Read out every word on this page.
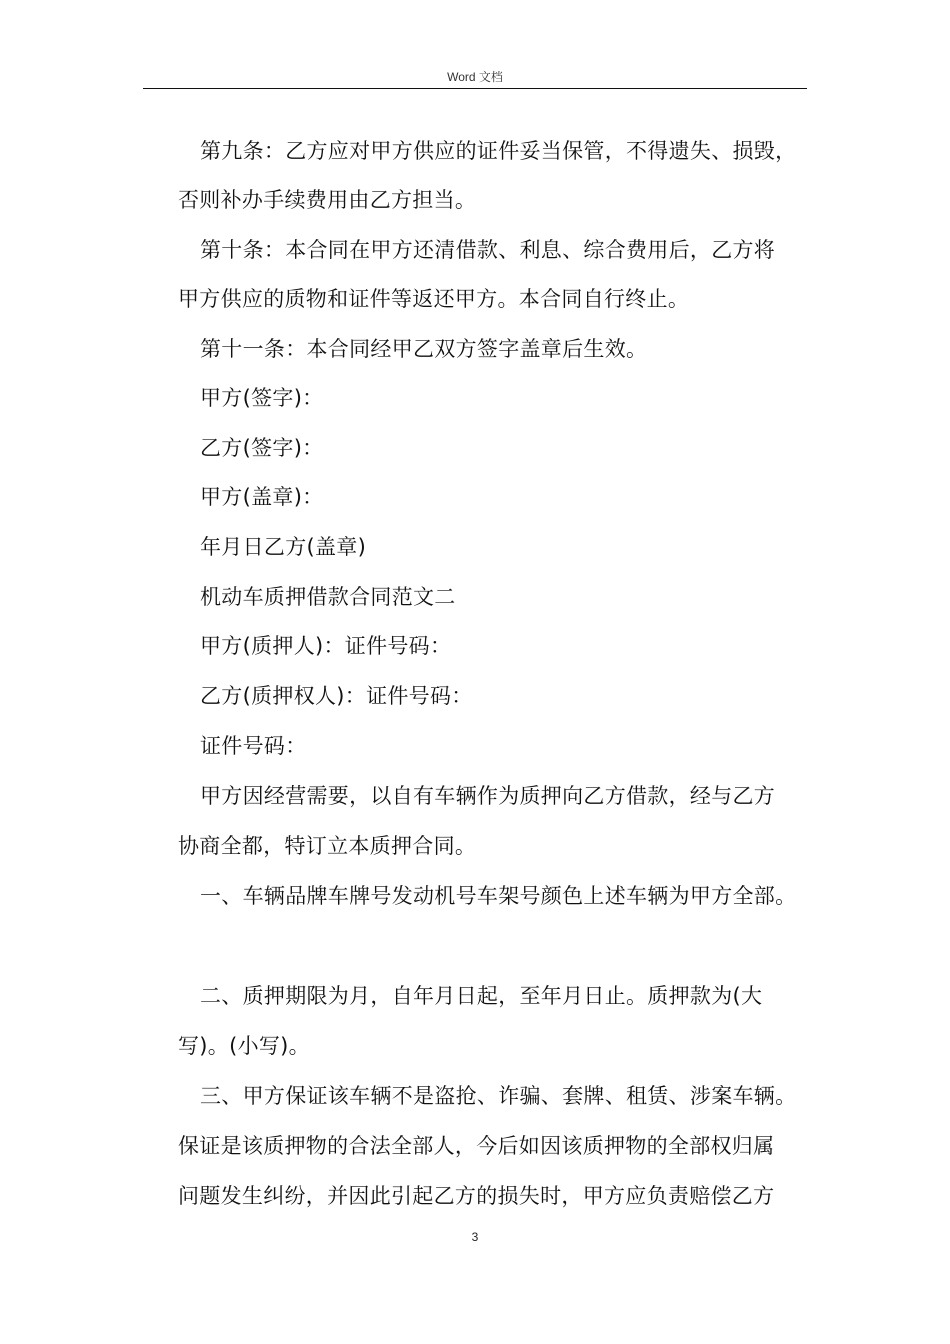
Word 文档
第九条：乙方应对甲方供应的证件妥当保管，不得遗失、损毁，
否则补办手续费用由乙方担当。
第十条：本合同在甲方还清借款、利息、综合费用后，乙方将
甲方供应的质物和证件等返还甲方。本合同自行终止。
第十一条：本合同经甲乙双方签字盖章后生效。
甲方(签字)：
乙方(签字)：
甲方(盖章)：
年月日乙方(盖章)
机动车质押借款合同范文二
甲方(质押人)：证件号码：
乙方(质押权人)：证件号码：
证件号码：
甲方因经营需要，以自有车辆作为质押向乙方借款，经与乙方
协商全都，特订立本质押合同。
一、车辆品牌车牌号发动机号车架号颜色上述车辆为甲方全部。
二、质押期限为月，自年月日起，至年月日止。质押款为(大
写)。(小写)。
三、甲方保证该车辆不是盗抢、诈骗、套牌、租赁、涉案车辆。
保证是该质押物的合法全部人，今后如因该质押物的全部权归属
问题发生纠纷，并因此引起乙方的损失时，甲方应负责赔偿乙方
3
